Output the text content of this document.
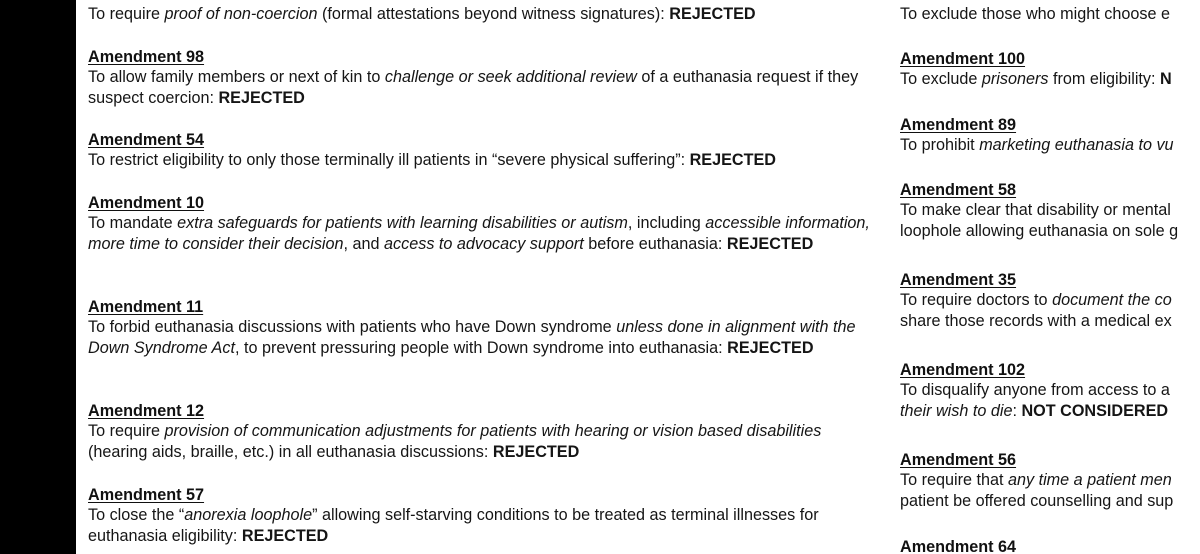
To require proof of non-coercion (formal attestations beyond witness signatures): REJECTED
Amendment 98
To allow family members or next of kin to challenge or seek additional review of a euthanasia request if they suspect coercion: REJECTED
Amendment 54
To restrict eligibility to only those terminally ill patients in “severe physical suffering”: REJECTED
Amendment 10
To mandate extra safeguards for patients with learning disabilities or autism, including accessible information, more time to consider their decision, and access to advocacy support before euthanasia: REJECTED
Amendment 11
To forbid euthanasia discussions with patients who have Down syndrome unless done in alignment with the Down Syndrome Act, to prevent pressuring people with Down syndrome into euthanasia: REJECTED
Amendment 12
To require provision of communication adjustments for patients with hearing or vision based disabilities (hearing aids, braille, etc.) in all euthanasia discussions: REJECTED
Amendment 57
To close the “anorexia loophole” allowing self-starving conditions to be treated as terminal illnesses for euthanasia eligibility: REJECTED
To exclude those who might choose e
Amendment 100
To exclude prisoners from eligibility: N
Amendment 89
To prohibit marketing euthanasia to vu
Amendment 58
To make clear that disability or mental
loophole allowing euthanasia on sole g
Amendment 35
To require doctors to document the co
share those records with a medical ex
Amendment 102
To disqualify anyone from access to a
their wish to die: NOT CONSIDERED
Amendment 56
To require that any time a patient men
patient be offered counselling and sup
Amendment 64
